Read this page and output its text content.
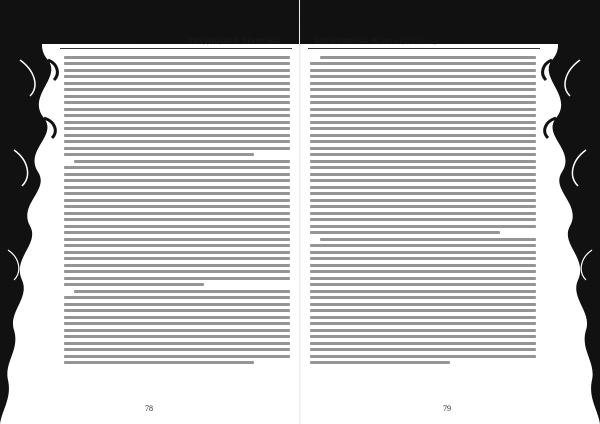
ТРАДИЦИИ И ПРОРОКИ
78
АПОКРИФ104: 06.2016 (115.2е.п.)
79
